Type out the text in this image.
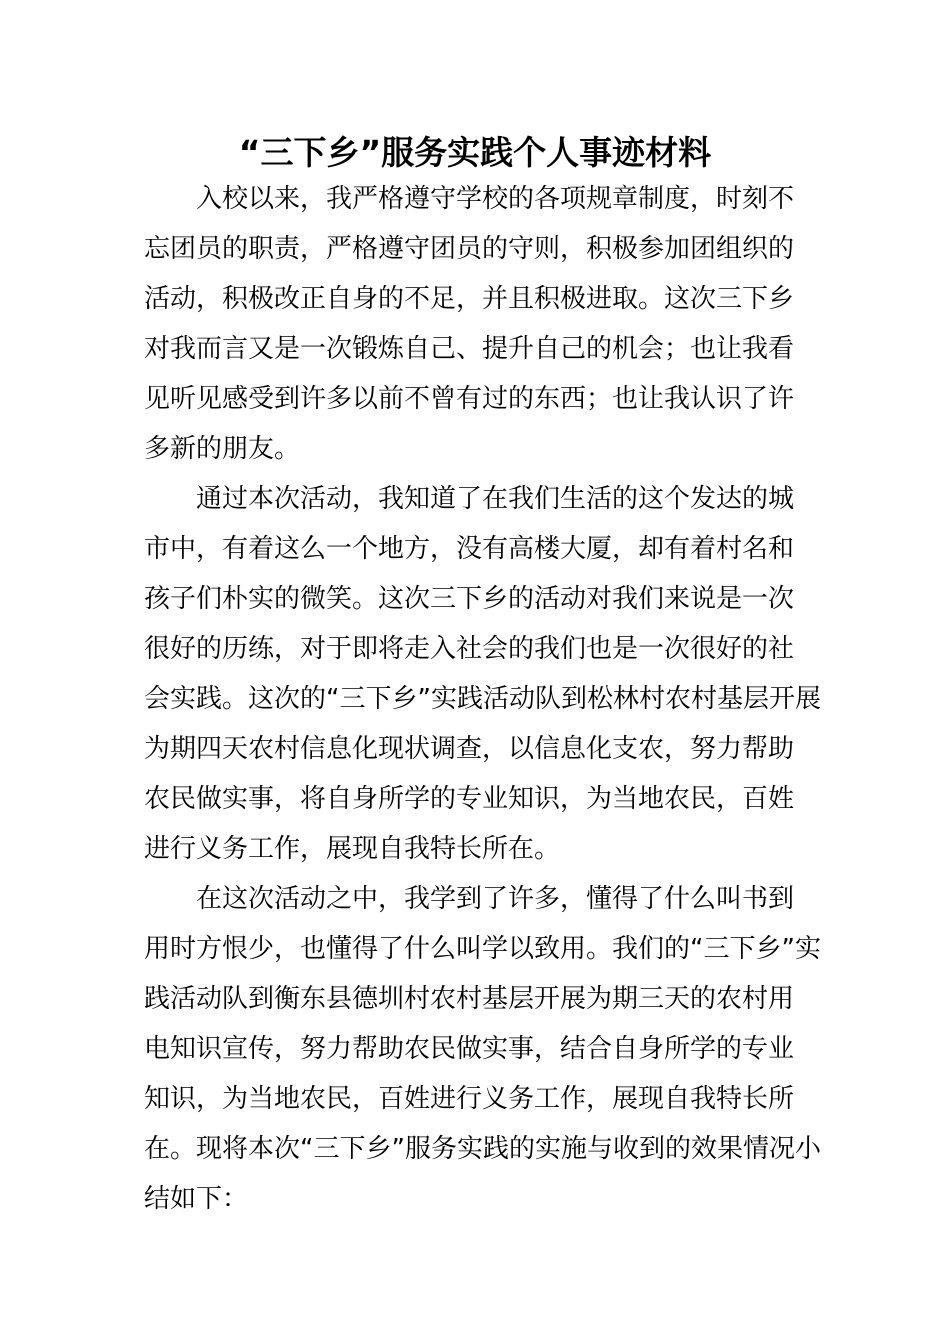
“三下乡”服务实践个人事迹材料
入校以来，我严格遵守学校的各项规章制度，时刻不
忘团员的职责，严格遵守团员的守则，积极参加团组织的
活动，积极改正自身的不足，并且积极进取。这次三下乡
对我而言又是一次锻炼自己、提升自己的机会；也让我看
见听见感受到许多以前不曾有过的东西；也让我认识了许
多新的朋友。
通过本次活动，我知道了在我们生活的这个发达的城
市中，有着这么一个地方，没有高楼大厦，却有着村名和
孩子们朴实的微笑。这次三下乡的活动对我们来说是一次
很好的历练，对于即将走入社会的我们也是一次很好的社
会实践。这次的“三下乡”实践活动队到松林村农村基层开展
为期四天农村信息化现状调查，以信息化支农，努力帮助
农民做实事，将自身所学的专业知识，为当地农民，百姓
进行义务工作，展现自我特长所在。
在这次活动之中，我学到了许多，懂得了什么叫书到
用时方恨少，也懂得了什么叫学以致用。我们的“三下乡”实
践活动队到衡东县德圳村农村基层开展为期三天的农村用
电知识宣传，努力帮助农民做实事，结合自身所学的专业
知识，为当地农民，百姓进行义务工作，展现自我特长所
在。现将本次“三下乡”服务实践的实施与收到的效果情况小
结如下：
